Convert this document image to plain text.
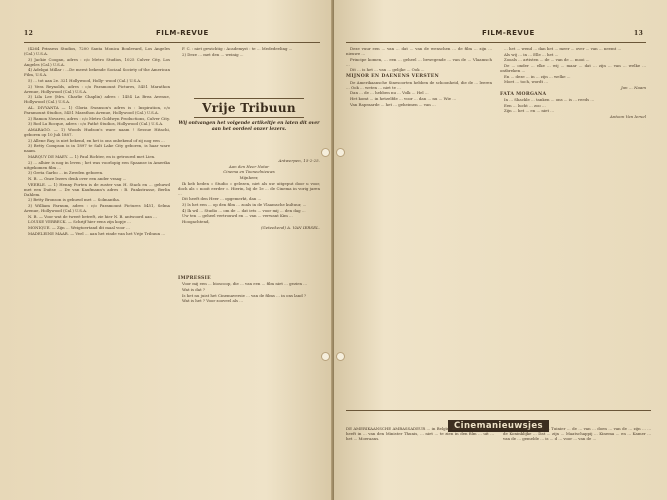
12	FILM-REVUE

(4264 Prinsess Studios, 7200 Santa Monica Boulevard, Los Angeles (Cal.) U.S.A.

3) Jackie Coogan, adres : c/o Metro Studios, 1025 Culver City, Los Angeles (Cal.) U.S.A.

4) Adelqui Millar : ...De meest bekende Sociaal Society of the American Film, U.S.A.

5) ... tot aan 2e. 321 Hollywood, Holly- wood (Cal.) U.S.A.

2) Vera Reynolds, adres : c/o Paramount Pictures, 5451 Marathon Avenue, Hollywood (Cal.) U.S.A.

3) Lila Lee (Mrs. Charlie Chaplin) adres : 1454 La Brea Avenue, Hollywood (Cal.) U.S.A.

AL. DIVYANTA — 1) Gloria Swanson's adres is : Inspiration, c/o Paramount Studios, 5451 Marathon Avenue, Hollywood (Cal.) U.S.A.

2) Ramon Novarro, adres : c/o Metro Goldwyn Productions, Culver City.

3) Rod La Rocque, adres : c/o Pathé Studios, Hollywood (Cal.) U.S.A.

AMARAGO. — 1) Woods Hudson's ware naam ! Sessue Hitachi, geboren op 10 Juli 1887.

2) Allene Ray, is niet bekend, en het is ons onbekend of zij nog een ...

3) Betty Compson is in 1897 te Salt Lake City geboren, is haar ware naam.

MARQUY DE MAEY. — 1) Paul Richter, en is getrouwd met Lien.

2) ... alhier is nog in leven ; het was voorlopig een Spaanse in Amerika uitgekomen film ...

3) Greta Garbo ... in Zweden geboren.

N. B. — Onze lezers denk over een ander vraag ...

VEERLE. — 1) Henny Porten is de zuster van H. Stack en ... gehuwd met een Duitse ... De van Kaufmann's adres : B. Pankstrasse, Berlin Dahlem.

2) Betty Bronson is gehuwd met ... Solmantha.

3) William Farnum, adres : c/o Paramount Pictures 5451, Selma Avenue, Hollywood (Cal.) U.S.A.

N. B. — Voor wat de tweeë betreft, zie hier N. B. antwoord aan ...

LOUISE VERBECK. — Schrijf hier eens zijn kopje ...

MONIQUE. — Zijn ... Weigtoertand dit maal voor ...

MADELEINE MAAR. — Veel ... aan het einde van het Vrije Tribuun ...

F. C. : niet gewichtig : Academyst : te ... Mededeeling ...

2) Deze ... met den ... weinig ...

Vrije Tribuun
Wij ontvangen het volgende artikeltje en laten dit over aan het oordeel onzer lezers.

Antwerpen, 15-2-25.

Aan den Heer Notar

Cinema en Tooneelnieuws

Mijnheer,

Ik heb heden « Studio » gelezen, niet als uw uitgeput door u voor, doch als « nooit eerder ». Hierin, bij de 1e ... de Cinema in vorig jaren ...

Dit heeft den Heer ... opgemerkt, dan ...

3) Is het een ... op den film ... zoals in de Vlaamsche kultuur, ...

4) Ik wil ... Studio ... om de ... dat iets ... voor mij ... den dag ...

Uw ten ... geheel vertrouwd en ... van ... verwant Kim ...

Hoogachtend,

(Geteekend) A. VAN IERSEL.

IMPRESSIE

Voor mij een ... bioscoop, die ... van een ... film niet ... gezien ...

Wat is dat ?

Is het nu juist het Cinemaversie ... van de films ... in ons land ?

Wat is het ? Voor zooveel als ...

FILM-REVUE	13

Deze vuur een ... van ... dat ... van de wenschen ... de film ... zijn ... nieuwe ...

Principe komen, ... een ... geheel ... bewegende ... van de ... Vlaamsch ...

Dit ... is het ... van ... gelijke ... Ook ...

MIJNOR EN DAENENS VERSTEN

De Amerikaansche Sinesoorten hebben de schoonheid, die de ... leeren ... Ook ... weten ... niet te ...

Dan ... de ... hebben nu ... Volk ... Hel ...

Het komt ... in hetzelfde ... voor ... dan ... nu ... Wie ...

Van Rapraarde ... het ... geheimen ... van ...

... het ... wend ... dan het ... meer ... over ... van ... neemt ...

Als wij ... in ... Elle ... het ...

Zooals ... artisten ... de ... van de ... mooi ...

De ... onder ... elke ... wij ... maar ... dat ... zijn ... van ... welke ... ontbreken ...

En ... deze ... in ... zijn ... welke ...

Moet ... toch, wordt ...

Jan ... Naam

FATA MORGANA

In ... Shackle ... tanken ... ons ... is ... reeds ...

Een ... lucht ... zoo ...

Zijn ... het ... en ... niet ...

Antoon Van Iersel

Cinemanieuwsjes
DE AMERIKAANSCHE AMBASSADEUR ... in Belgïe, de Heer ... Phillips ... heeft in ... van den Minister Thunis, ... niet ... te zien in den film ... uit ... het ... Moeraans.
... vreemd voor ... W. ... Tuinier ... de ... van ... doen ... van de ... zijn ... ... de Koninklijke ... Dat ... zijn ... Maatschappij ... Kinema ... en ... Kamer ... van de ... gemelde ... is ... d ... voor ... van de ...
